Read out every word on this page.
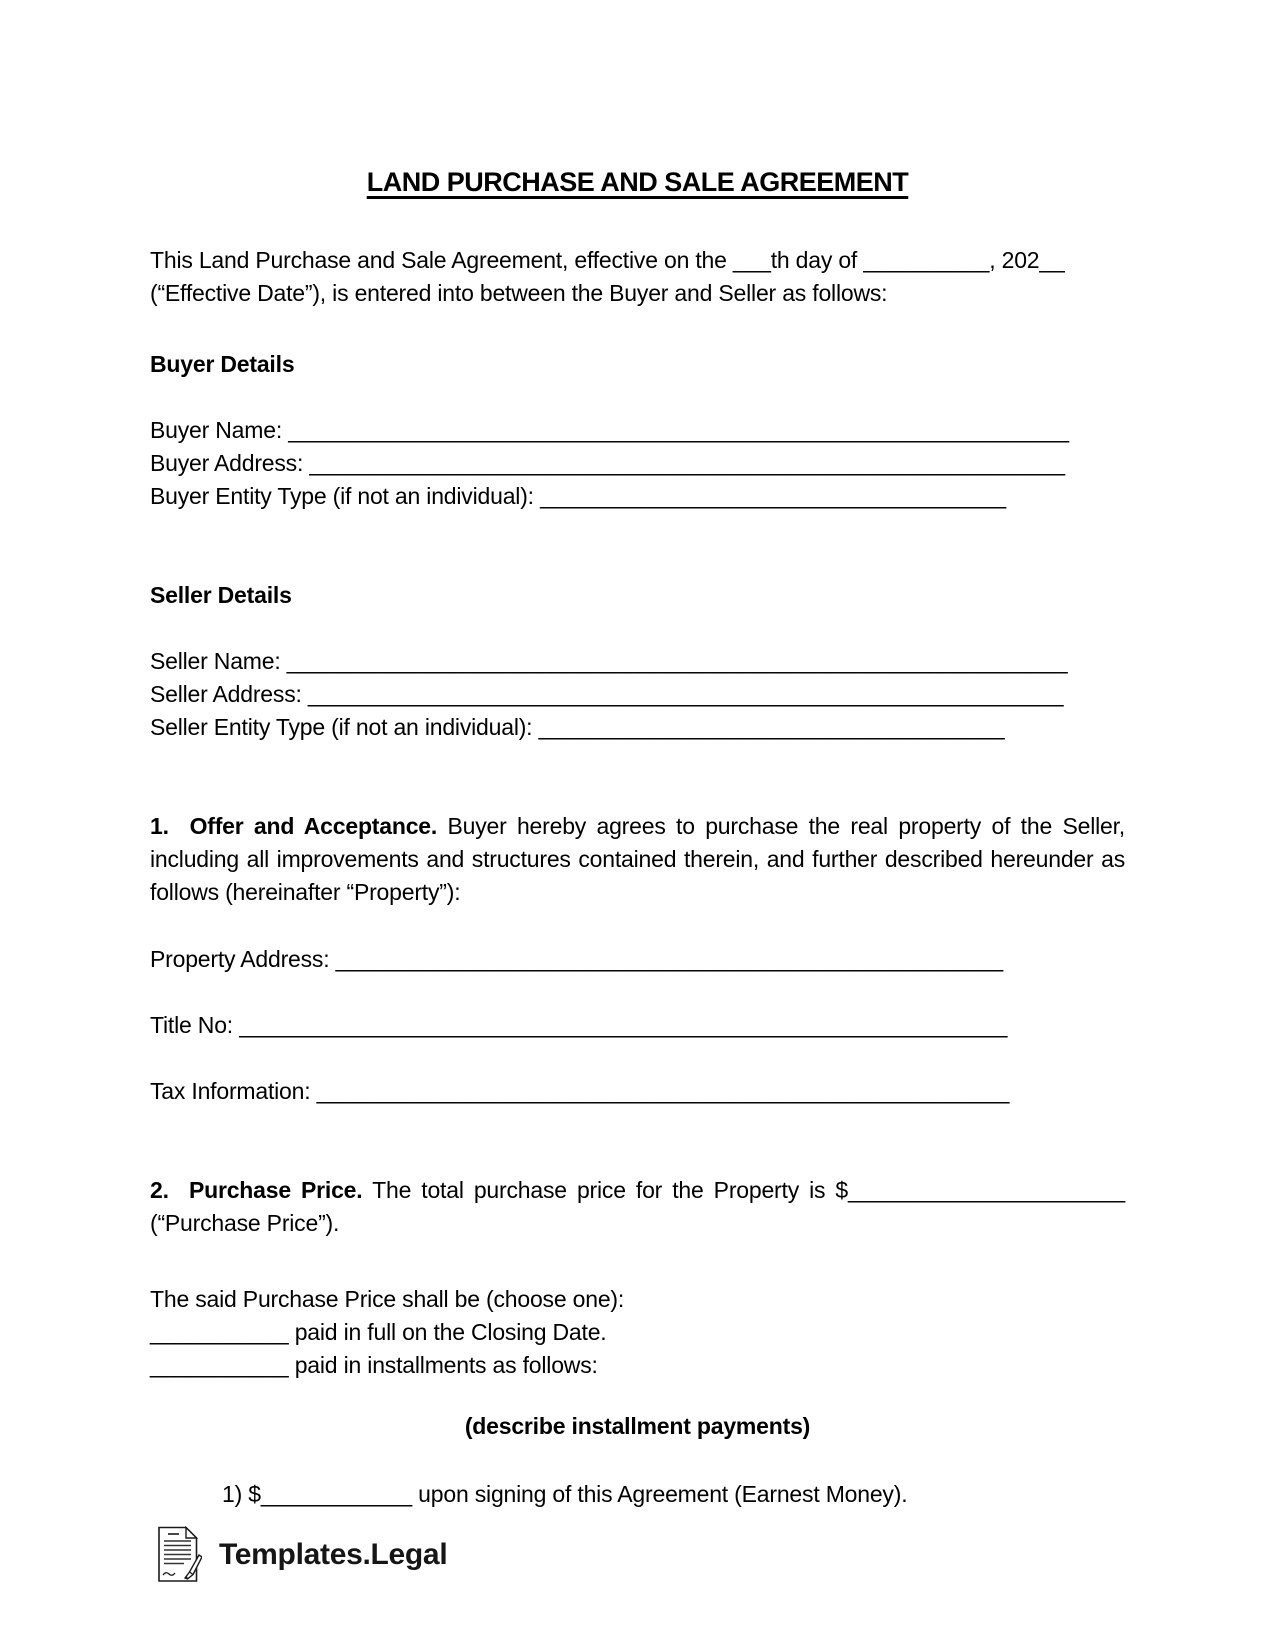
LAND PURCHASE AND SALE AGREEMENT

This Land Purchase and Sale Agreement, effective on the ___th day of __________, 202__ (“Effective Date”), is entered into between the Buyer and Seller as follows:

Buyer Details

Buyer Name: ______________________________________________________________

Buyer Address: ____________________________________________________________

Buyer Entity Type (if not an individual): _____________________________________

Seller Details

Seller Name: ______________________________________________________________

Seller Address: ____________________________________________________________

Seller Entity Type (if not an individual): _____________________________________

1.  Offer and Acceptance. Buyer hereby agrees to purchase the real property of the Seller, including all improvements and structures contained therein, and further described hereunder as follows (hereinafter “Property”):

Property Address: _____________________________________________________

Title No: _____________________________________________________________

Tax Information: _______________________________________________________

2.  Purchase Price. The total purchase price for the Property is $______________________ (“Purchase Price”).

The said Purchase Price shall be (choose one):

___________ paid in full on the Closing Date.

___________ paid in installments as follows:

(describe installment payments)

1) $____________ upon signing of this Agreement (Earnest Money).

Templates.Legal
